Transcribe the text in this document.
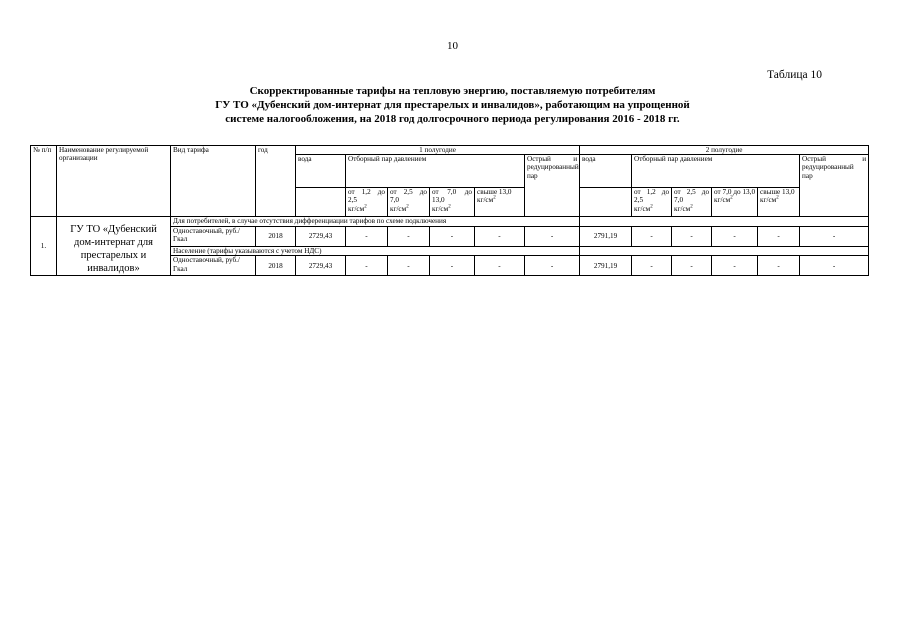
10
Таблица 10
Скорректированные тарифы на тепловую энергию, поставляемую потребителям
ГУ ТО «Дубенский дом-интернат для престарелых и инвалидов», работающим на упрощенной
системе налогообложения, на 2018 год долгосрочного периода регулирования 2016 - 2018 гг.
№ п/п	Наименование регулируемой организации	Вид тарифа	год	1 полугодие						2 полугодие					
				вода	Отборный пар давлением				Острый и редуцированный пар	вода	Отборный пар давлением				Острый и редуцированный пар

					от 1,2 до 2,5
$кг/см^2$	от 2,5 до 7,0
$кг/см^2$	от 7,0 до 13,0
$кг/см^2$	свыше 13,0
$кг/см^2$			от 1,2 до 2,5
$кг/см^2$	от 2,5 до 7,0
$кг/см^2$	от 7,0 до 13,0
$кг/см^2$	свыше 13,0
$кг/см^2$
1.	ГУ ТО «Дубенский дом-интернат для престарелых и инвалидов»	Для потребителей, в случае отсутствия дифференциации тарифов по схеме подключения													
		Одноставочный, руб./Гкал	2018	2729,43	-	-	-	-	-	2791,19	-	-	-	-	-
		Население (тарифы указываются с учетом НДС)													
		Одноставочный, руб./Гкал	2018	2729,43	-	-	-	-	-	2791,19	-	-	-	-	-
